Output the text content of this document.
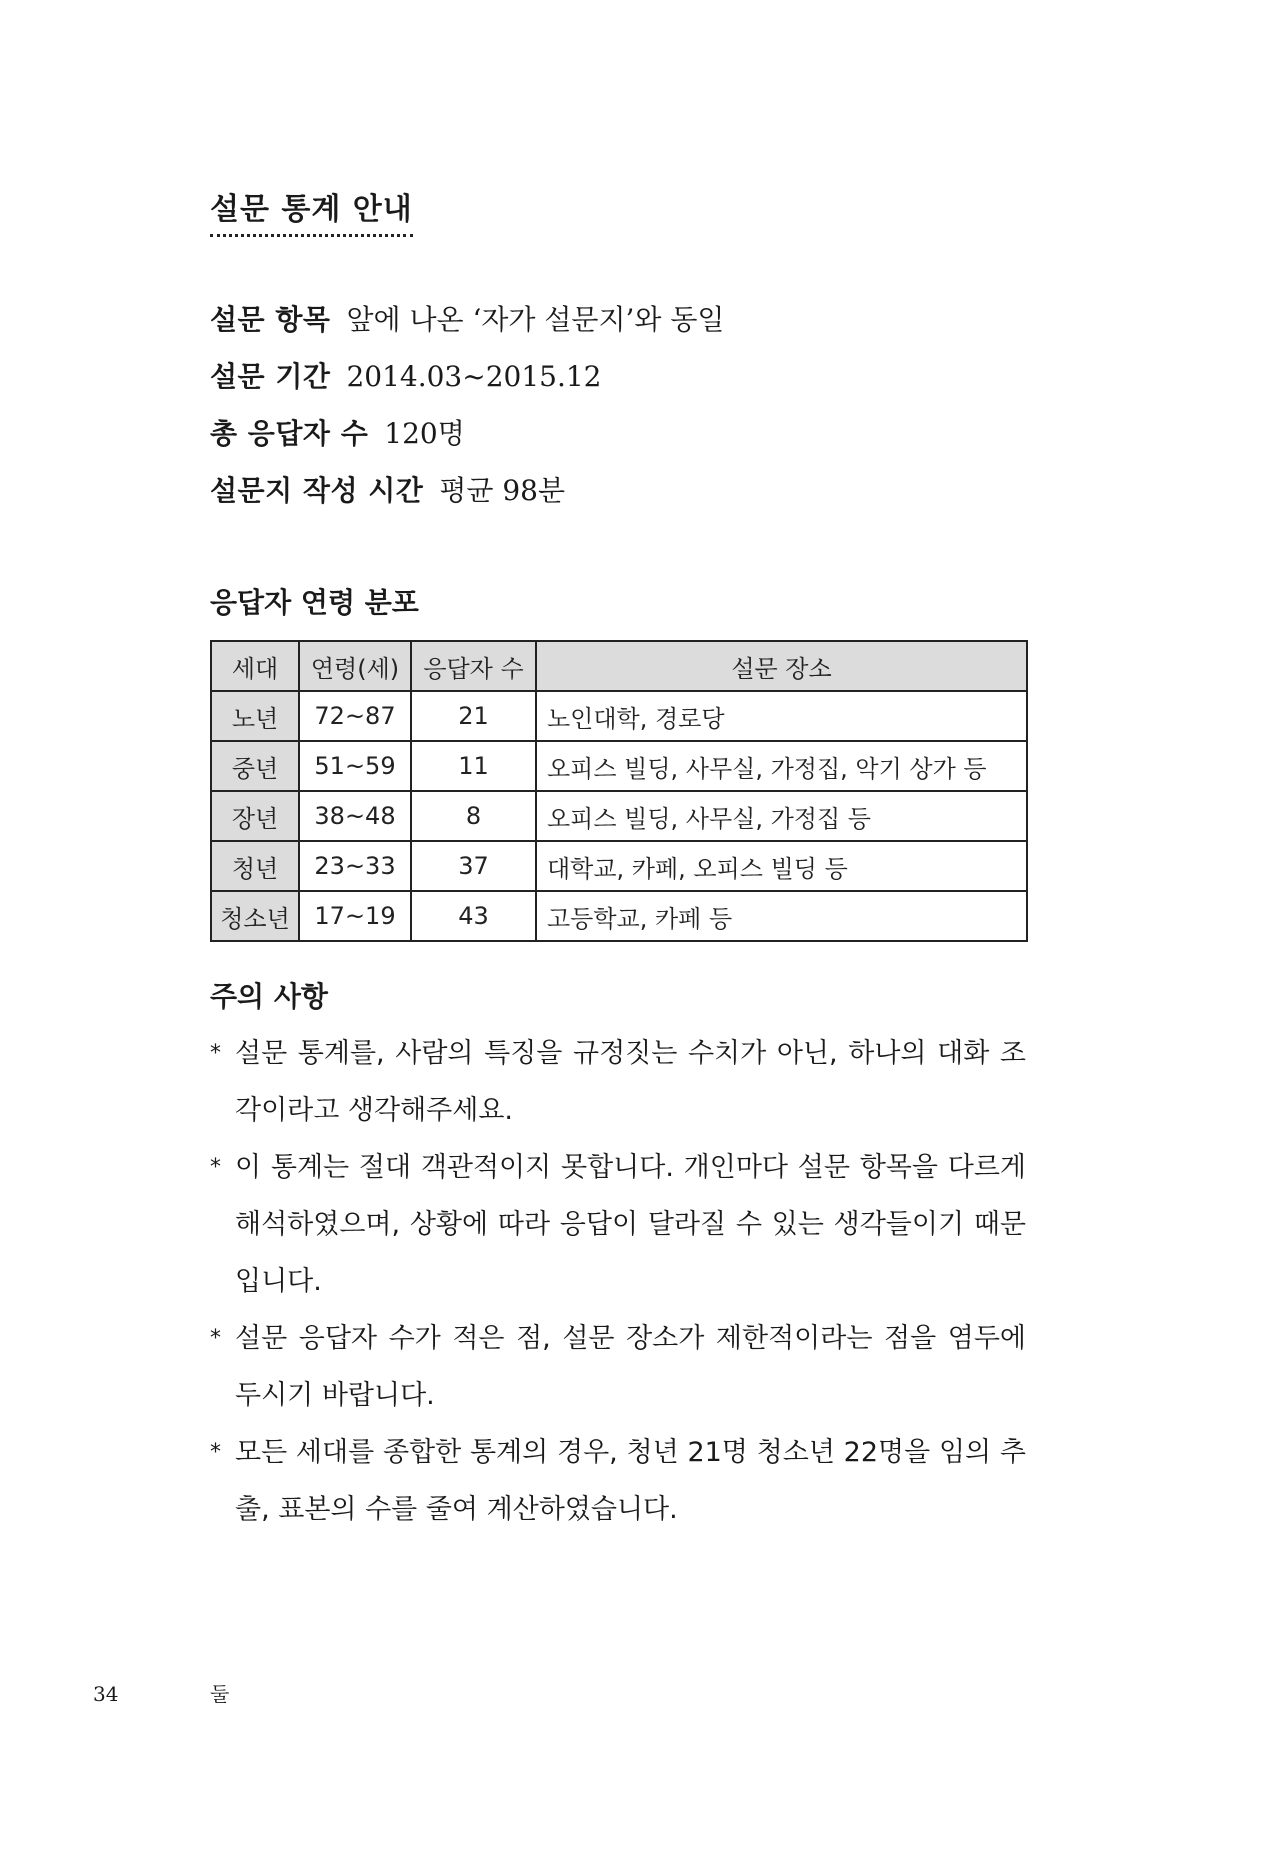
설문 통계 안내
설문 항목 앞에 나온 ‘자가 설문지’와 동일
설문 기간 2014.03~2015.12
총 응답자 수 120명
설문지 작성 시간 평균 98분
응답자 연령 분포
세대	연령(세)	응답자 수	설문 장소
노년	72~87	21	노인대학, 경로당
중년	51~59	11	오피스 빌딩, 사무실, 가정집, 악기 상가 등
장년	38~48	8	오피스 빌딩, 사무실, 가정집 등
청년	23~33	37	대학교, 카페, 오피스 빌딩 등
청소년	17~19	43	고등학교, 카페 등
주의 사항

* 설문 통계를, 사람의 특징을 규정짓는 수치가 아닌, 하나의 대화 조각이라고 생각해주세요.

* 이 통계는 절대 객관적이지 못합니다. 개인마다 설문 항목을 다르게 해석하였으며, 상황에 따라 응답이 달라질 수 있는 생각들이기 때문입니다.

* 설문 응답자 수가 적은 점, 설문 장소가 제한적이라는 점을 염두에 두시기 바랍니다.

* 모든 세대를 종합한 통계의 경우, 청년 21명 청소년 22명을 임의 추출, 표본의 수를 줄여 계산하였습니다.

34	둘
